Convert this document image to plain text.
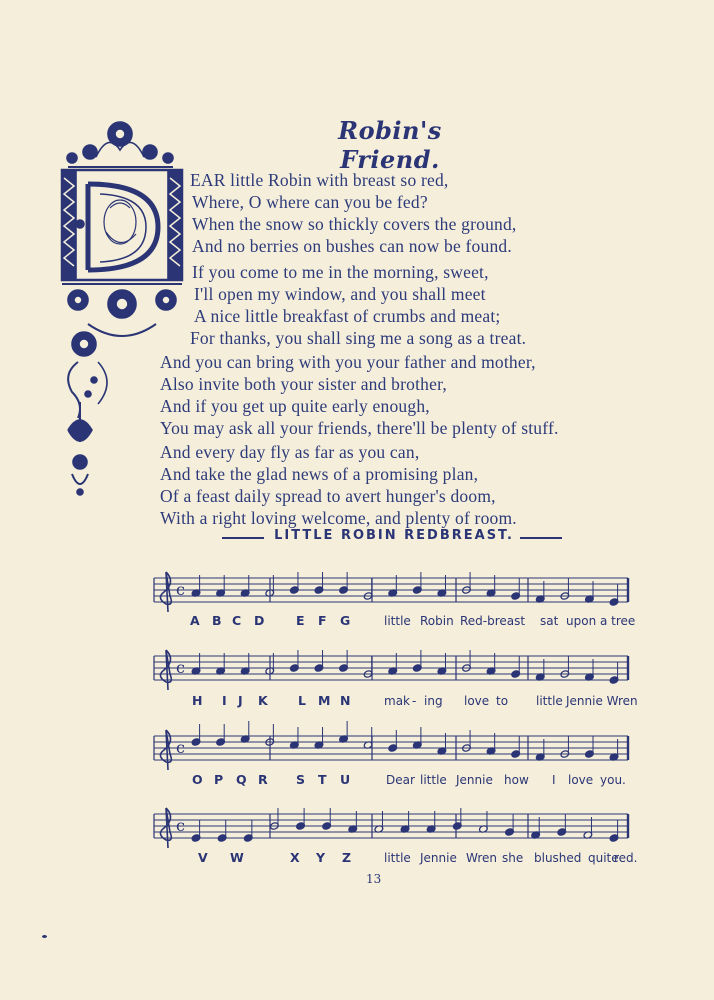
Robin's Friend.
EAR little Robin with breast so red,
Where, O where can you be fed?
When the snow so thickly covers the ground,
And no berries on bushes can now be found.
If you come to me in the morning, sweet,
I'll open my window, and you shall meet
A nice little breakfast of crumbs and meat;
For thanks, you shall sing me a song as a treat.
And you can bring with you your father and mother,
Also invite both your sister and brother,
And if you get up quite early enough,
You may ask all your friends, there'll be plenty of stuff.
And every day fly as far as you can,
And take the glad news of a promising plan,
Of a feast daily spread to avert hunger's doom,
With a right loving welcome, and plenty of room.
LITTLE ROBIN REDBREAST.
c
c
c
c
A B C D E F G	little Robin Red-breast sat upon a tree
H I J K L M N	mak - ing love to little Jennie Wren
O P Q R S T U	Dear little Jennie how I love you.
V W	X Y Z	little Jennie Wren she blushed quite
red.
13
